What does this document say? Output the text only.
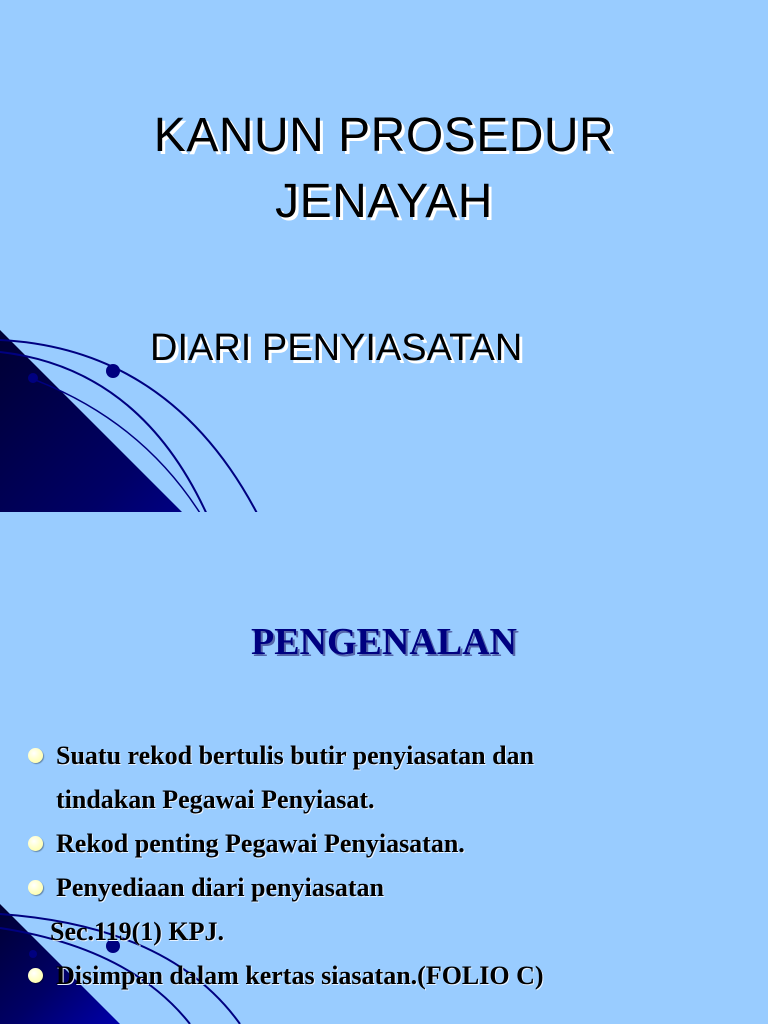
KANUN PROSEDUR
JENAYAH
DIARI PENYIASATAN
PENGENALAN
Suatu rekod bertulis butir penyiasatan dan
tindakan Pegawai Penyiasat.
Rekod penting Pegawai Penyiasatan.
Penyediaan diari penyiasatan
Sec.119(1) KPJ.
Disimpan dalam kertas siasatan.(FOLIO C)
